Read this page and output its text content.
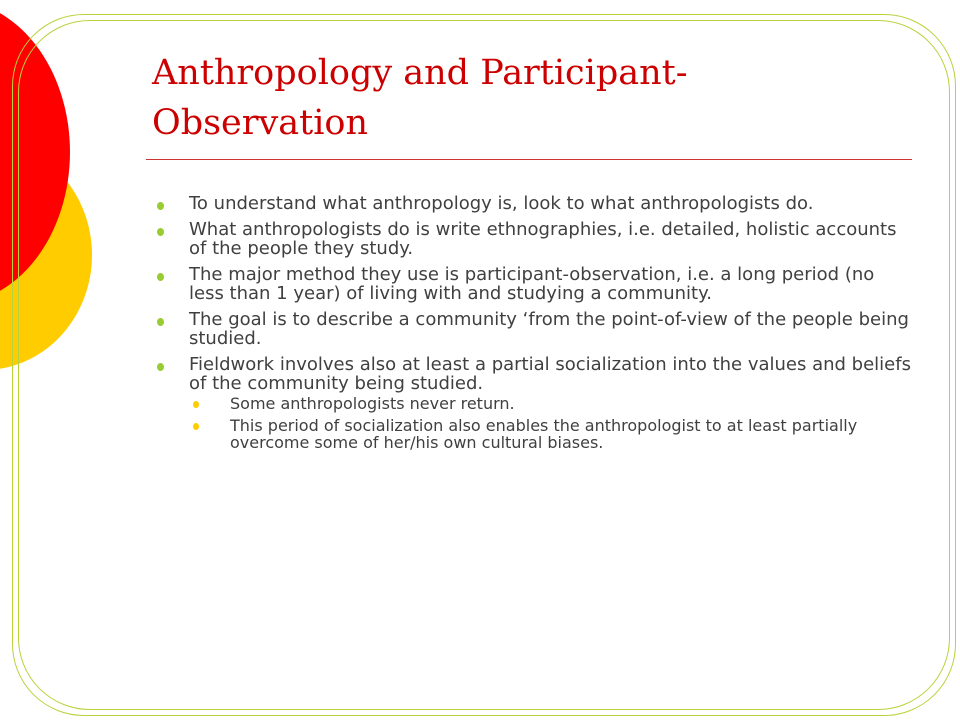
Anthropology and Participant-Observation
To understand what anthropology is, look to what anthropologists do.
What anthropologists do is write ethnographies, i.e. detailed, holistic accounts of the people they study.
The major method they use is participant-observation, i.e. a long period (no less than 1 year) of living with and studying a community.
The goal is to describe a community ‘from the point-of-view of the people being studied.
Fieldwork involves also at least a partial socialization into the values and beliefs of the community being studied.
Some anthropologists never return.
This period of socialization also enables the anthropologist to at least partially overcome some of her/his own cultural biases.
